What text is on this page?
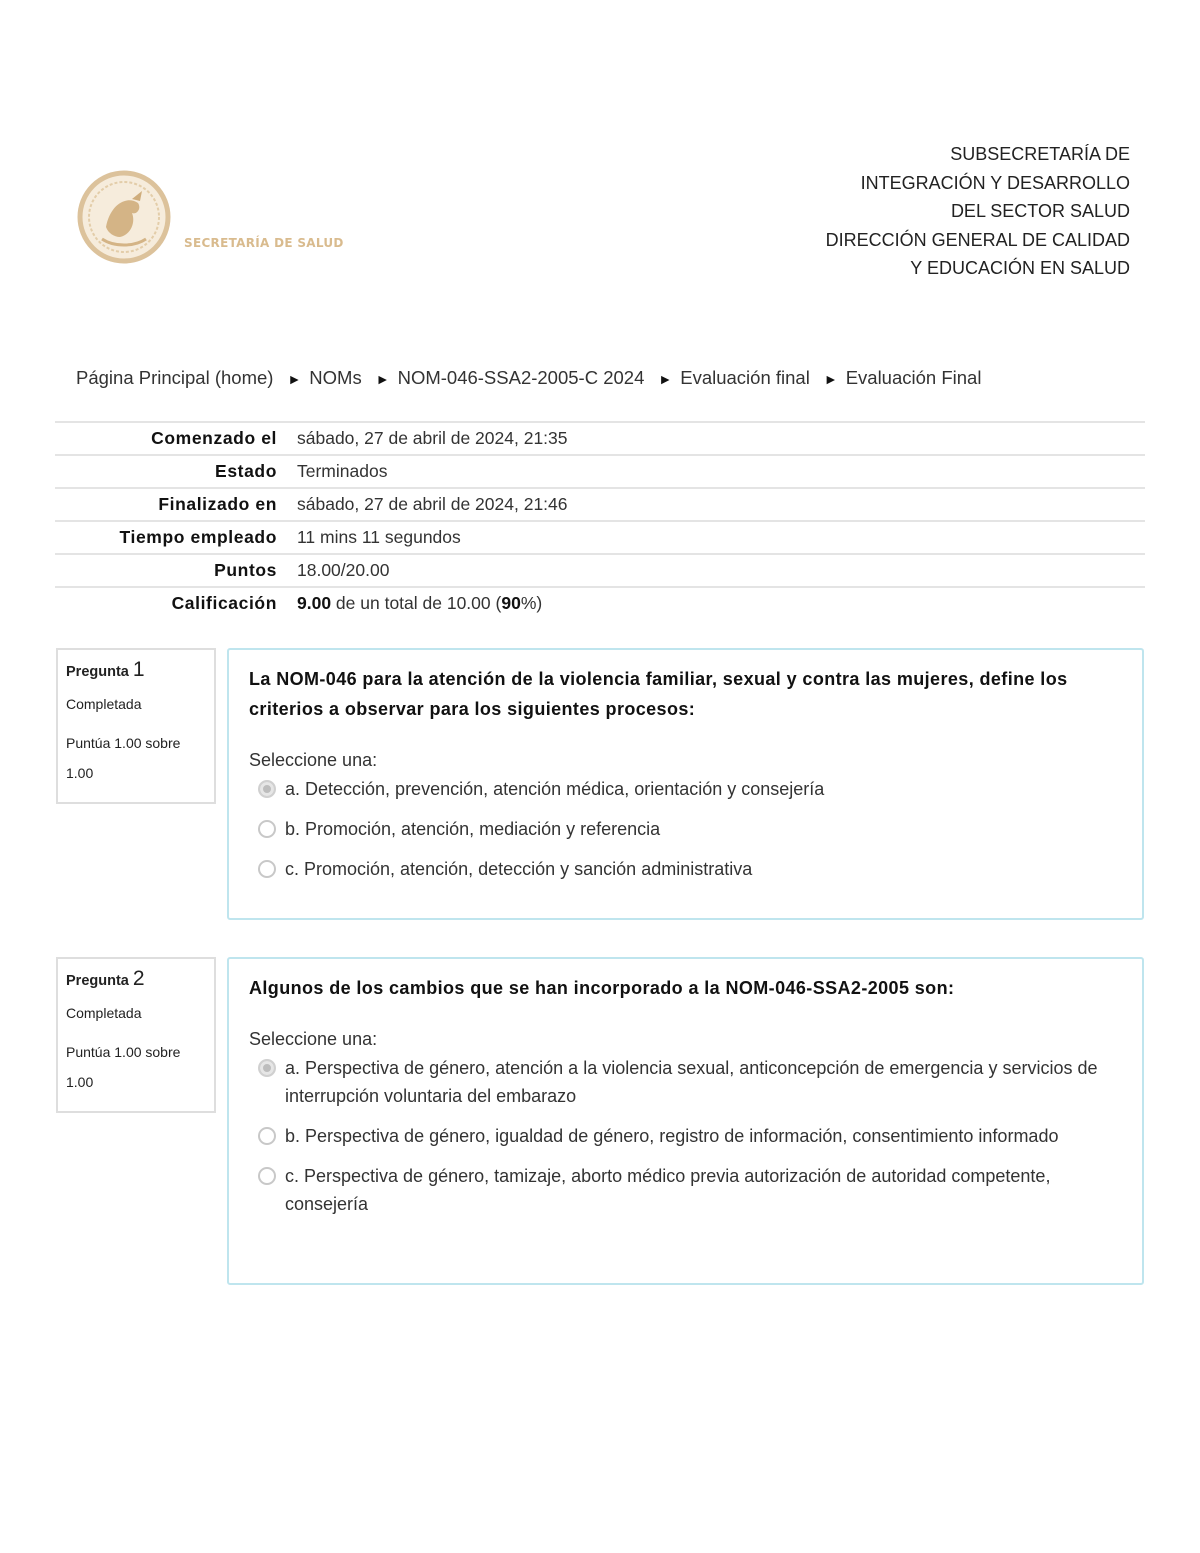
SECRETARÍA DE SALUD
SUBSECRETARÍA DE
INTEGRACIÓN Y DESARROLLO
DEL SECTOR SALUD
DIRECCIÓN GENERAL DE CALIDAD
Y EDUCACIÓN EN SALUD
Página Principal (home) ► NOMs ► NOM-046-SSA2-2005-C 2024 ► Evaluación final ► Evaluación Final
Comenzado el	sábado, 27 de abril de 2024, 21:35
Estado	Terminados
Finalizado en	sábado, 27 de abril de 2024, 21:46
Tiempo empleado	11 mins 11 segundos
Puntos	18.00/20.00
Calificación	9.00 de un total de 10.00 (90%)
Pregunta 1
Completada
Puntúa 1.00 sobre 1.00
La NOM-046 para la atención de la violencia familiar, sexual y contra las mujeres, define los criterios a observar para los siguientes procesos:
Seleccione una:
a. Detección, prevención, atención médica, orientación y consejería
b. Promoción, atención, mediación y referencia
c. Promoción, atención, detección y sanción administrativa
Pregunta 2
Completada
Puntúa 1.00 sobre 1.00
Algunos de los cambios que se han incorporado a la NOM-046-SSA2-2005 son:
Seleccione una:
a. Perspectiva de género, atención a la violencia sexual, anticoncepción de emergencia y servicios de interrupción voluntaria del embarazo
b. Perspectiva de género, igualdad de género, registro de información, consentimiento informado
c. Perspectiva de género, tamizaje, aborto médico previa autorización de autoridad competente, consejería
